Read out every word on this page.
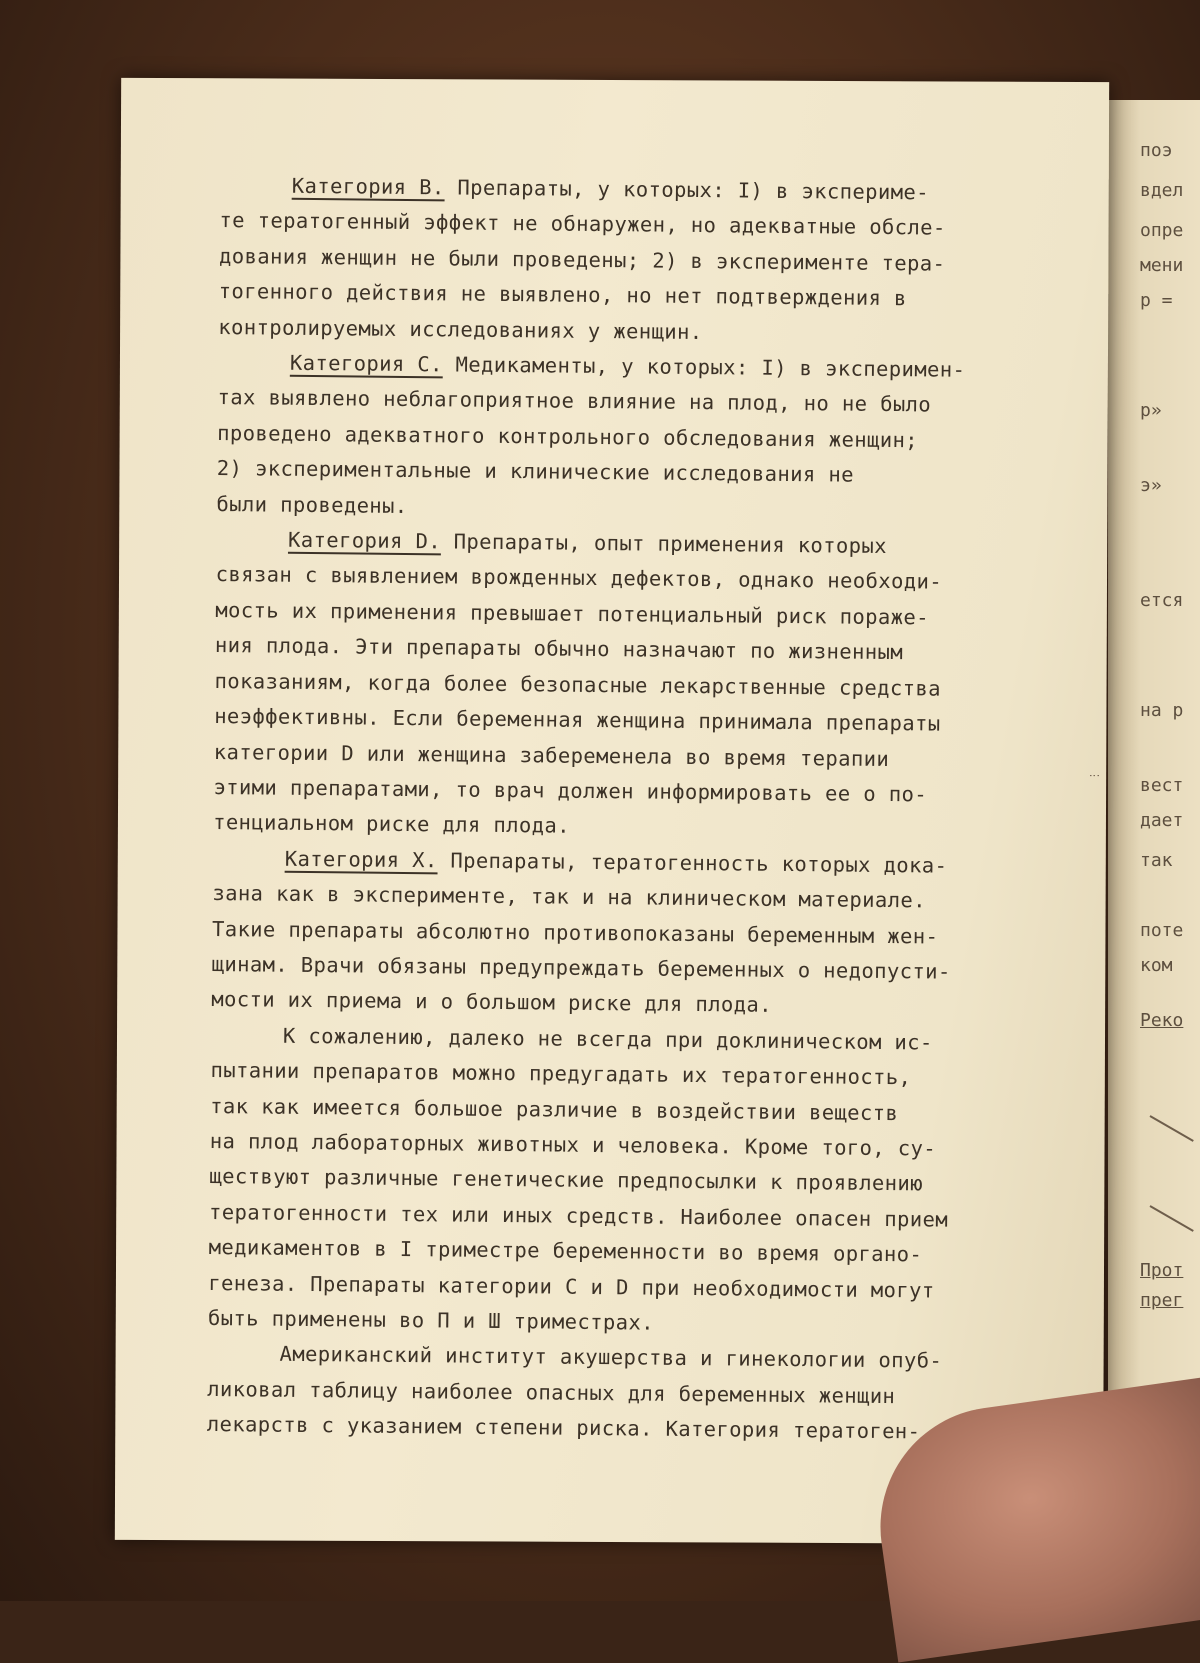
поэ
вдел
опре
мени
р =
р»
э»
ется
на р
вест
дает
так
поте
ком
Реко
Прот
прег

Категория В. Препараты, у которых: I) в экспериме-

те тератогенный эффект не обнаружен, но адекватные обсле-

дования женщин не были проведены; 2) в эксперименте тера-

тогенного действия не выявлено, но нет подтверждения в

контролируемых исследованиях у женщин.

Категория С. Медикаменты, у которых: I) в эксперимен-

тах выявлено неблагоприятное влияние на плод, но не было

проведено адекватного контрольного обследования женщин;

2) экспериментальные и клинические исследования не

были проведены.

Категория D. Препараты, опыт применения которых

связан с выявлением врожденных дефектов, однако необходи-

мость их применения превышает потенциальный риск пораже-

ния плода. Эти препараты обычно назначают по жизненным

показаниям, когда более безопасные лекарственные средства

неэффективны. Если беременная женщина принимала препараты

категории D или женщина забеременела во время терапии

этими препаратами, то врач должен информировать ее о по-

тенциальном риске для плода.

Категория Х. Препараты, тератогенность которых дока-

зана как в эксперименте, так и на клиническом материале.

Такие препараты абсолютно противопоказаны беременным жен-

щинам. Врачи обязаны предупреждать беременных о недопусти-

мости их приема и о большом риске для плода.

К сожалению, далеко не всегда при доклиническом ис-

пытании препаратов можно предугадать их тератогенность,

так как имеется большое различие в воздействии веществ

на плод лабораторных животных и человека. Кроме того, су-

ществуют различные генетические предпосылки к проявлению

тератогенности тех или иных средств. Наиболее опасен прием

медикаментов в I триместре беременности во время органо-

генеза. Препараты категории С и D при необходимости могут

быть применены во П и Ш триместрах.

Американский институт акушерства и гинекологии опуб-

ликовал таблицу наиболее опасных для беременных женщин

лекарств с указанием степени риска. Категория тератоген-

⋮
